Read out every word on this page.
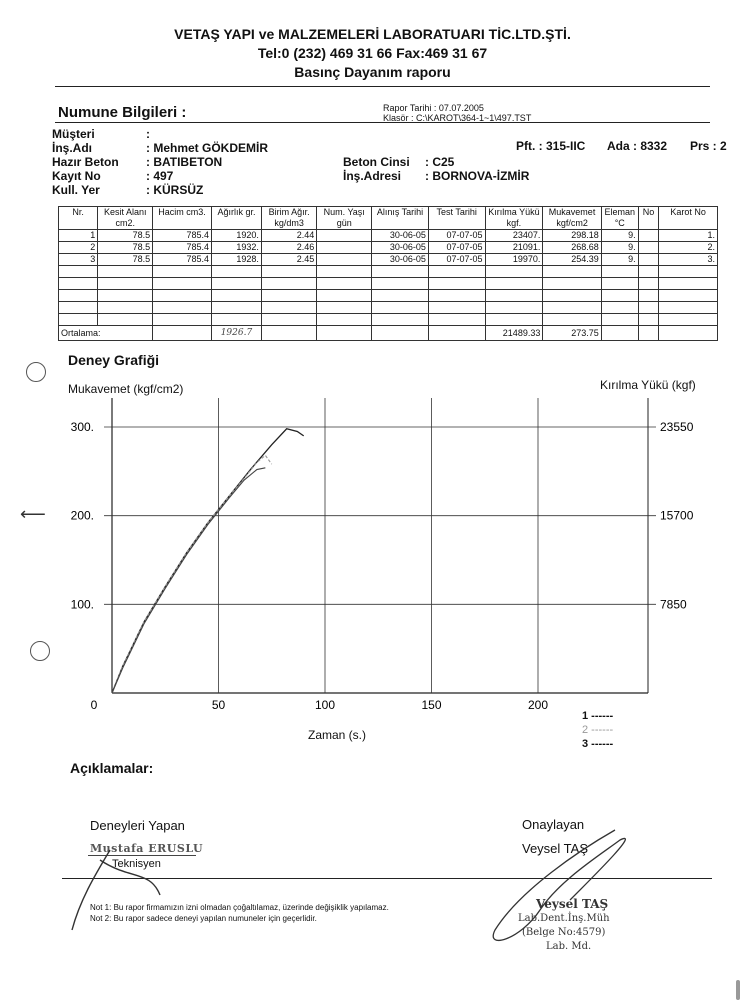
VETAŞ YAPI ve MALZEMELERİ LABORATUARI TİC.LTD.ŞTİ.
Tel:0 (232) 469 31 66 Fax:469 31 67
Basınç Dayanım raporu
Numune Bilgileri :	Rapor Tarihi : 07.07.2005
Klasör : C:\KAROT\364-1~1\497.TST
Müşteri	:
İnş.Adı	: Mehmet GÖKDEMİR
Hazır Beton : BATIBETON
Kayıt No	: 497
Kull. Yer	: KÜRSÜZ
Pft. : 315-IIC Ada : 8332 Prs : 2
Beton Cinsi : C25
İnş.Adresi : BORNOVA-İZMİR
Nr.	Kesit Alanı cm2.	Hacim cm3.	Ağırlık gr.	Birim Ağır. kg/dm3	Num. Yaşı gün	Alınış Tarihi	Test Tarihi	Kırılma Yükü kgf.	Mukavemet kgf/cm2	Eleman °C	No	Karot No
1	78.5	785.4	1920.	2.44		30-06-05	07-07-05	23407.	298.18	9.		1.
2	78.5	785.4	1932.	2.46		30-06-05	07-07-05	21091.	268.68	9.		2.
3	78.5	785.4	1928.	2.45		30-06-05	07-07-05	19970.	254.39	9.		3.

Ortalama:			1926.7					21489.33	273.75			
Deney Grafiği
Mukavemet (kgf/cm2)	Kırılma Yükü (kgf)
⟵
0	50	100	150	200
100.	7850
200.	15700
300.	23550
Zaman (s.)
1 ------
2 ------
3 ------
Açıklamalar:
Deneyleri Yapan
Mustafa ERUSLU
Teknisyen
Onaylayan
Veysel TAŞ
Not 1: Bu rapor firmamızın izni olmadan çoğaltılamaz, üzerinde değişiklik yapılamaz.
Not 2: Bu rapor sadece deneyi yapılan numuneler için geçerlidir.
Veysel TAŞ
Lab.Dent.İnş.Müh
(Belge No:4579)
Lab. Md.
